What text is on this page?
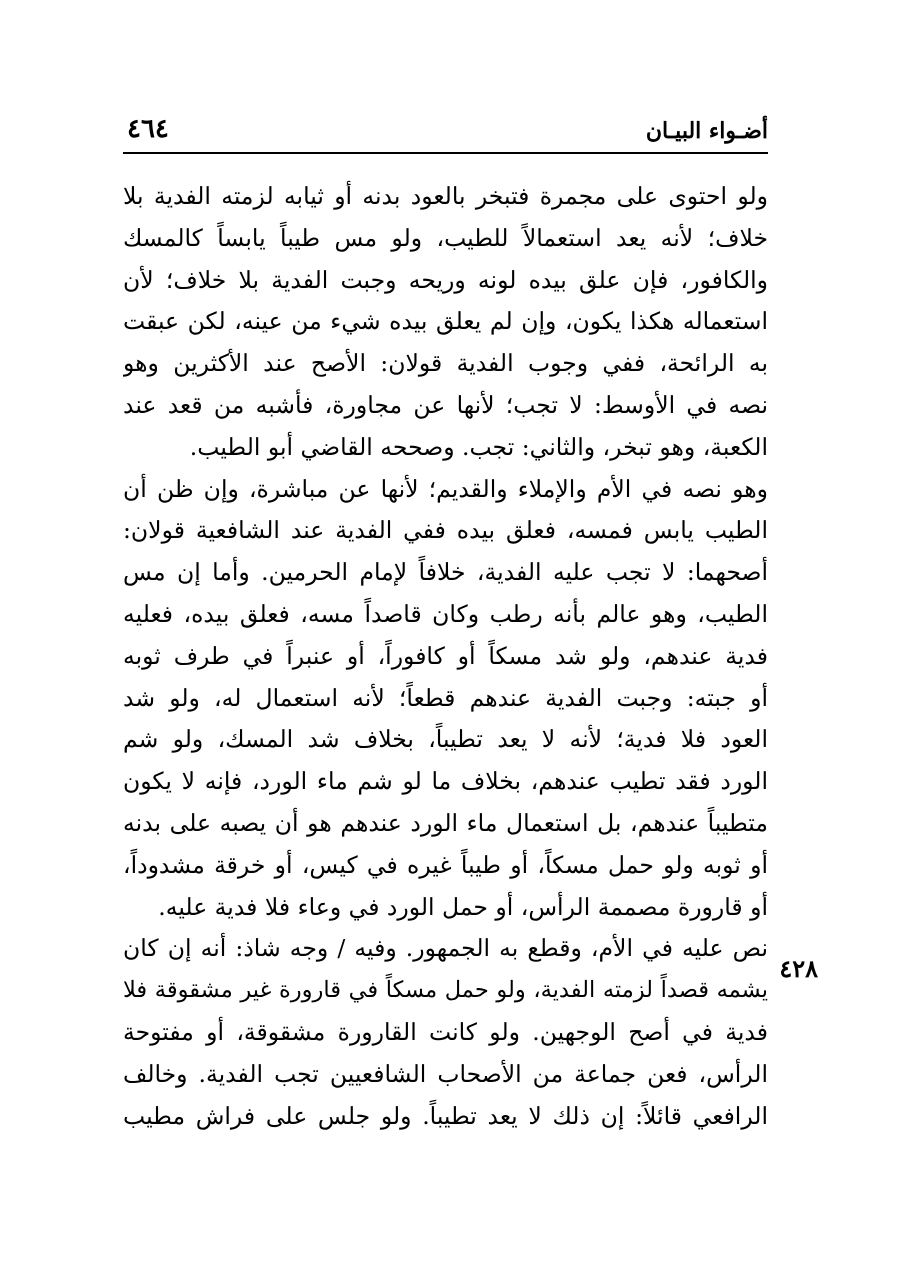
أضـواء البيـان
٤٦٤
٤٢٨
ولو احتوى على مجمرة فتبخر بالعود بدنه أو ثيابه لزمته الفدية بلا
خلاف؛ لأنه يعد استعمالاً للطيب، ولو مس طيباً يابساً كالمسك
والكافور، فإن علق بيده لونه وريحه وجبت الفدية بلا خلاف؛ لأن
استعماله هكذا يكون، وإن لم يعلق بيده شيء من عينه، لكن عبقت
به الرائحة، ففي وجوب الفدية قولان: الأصح عند الأكثرين وهو
نصه في الأوسط: لا تجب؛ لأنها عن مجاورة، فأشبه من قعد عند
الكعبة، وهو تبخر، والثاني: تجب. وصححه القاضي أبو الطيب.
وهو نصه في الأم والإملاء والقديم؛ لأنها عن مباشرة، وإن ظن أن
الطيب يابس فمسه، فعلق بيده ففي الفدية عند الشافعية قولان:
أصحهما: لا تجب عليه الفدية، خلافاً لإمام الحرمين. وأما إن مس
الطيب، وهو عالم بأنه رطب وكان قاصداً مسه، فعلق بيده، فعليه
فدية عندهم، ولو شد مسكاً أو كافوراً، أو عنبراً في طرف ثوبه
أو جبته: وجبت الفدية عندهم قطعاً؛ لأنه استعمال له، ولو شد
العود فلا فدية؛ لأنه لا يعد تطيباً، بخلاف شد المسك، ولو شم
الورد فقد تطيب عندهم، بخلاف ما لو شم ماء الورد، فإنه لا يكون
متطيباً عندهم، بل استعمال ماء الورد عندهم هو أن يصبه على بدنه
أو ثوبه ولو حمل مسكاً، أو طيباً غيره في كيس، أو خرقة مشدوداً،
أو قارورة مصممة الرأس، أو حمل الورد في وعاء فلا فدية عليه.
نص عليه في الأم، وقطع به الجمهور. وفيه / وجه شاذ: أنه إن كان
يشمه قصداً لزمته الفدية، ولو حمل مسكاً في قارورة غير مشقوقة فلا
فدية في أصح الوجهين. ولو كانت القارورة مشقوقة، أو مفتوحة
الرأس، فعن جماعة من الأصحاب الشافعيين تجب الفدية. وخالف
الرافعي قائلاً: إن ذلك لا يعد تطيباً. ولو جلس على فراش مطيب
